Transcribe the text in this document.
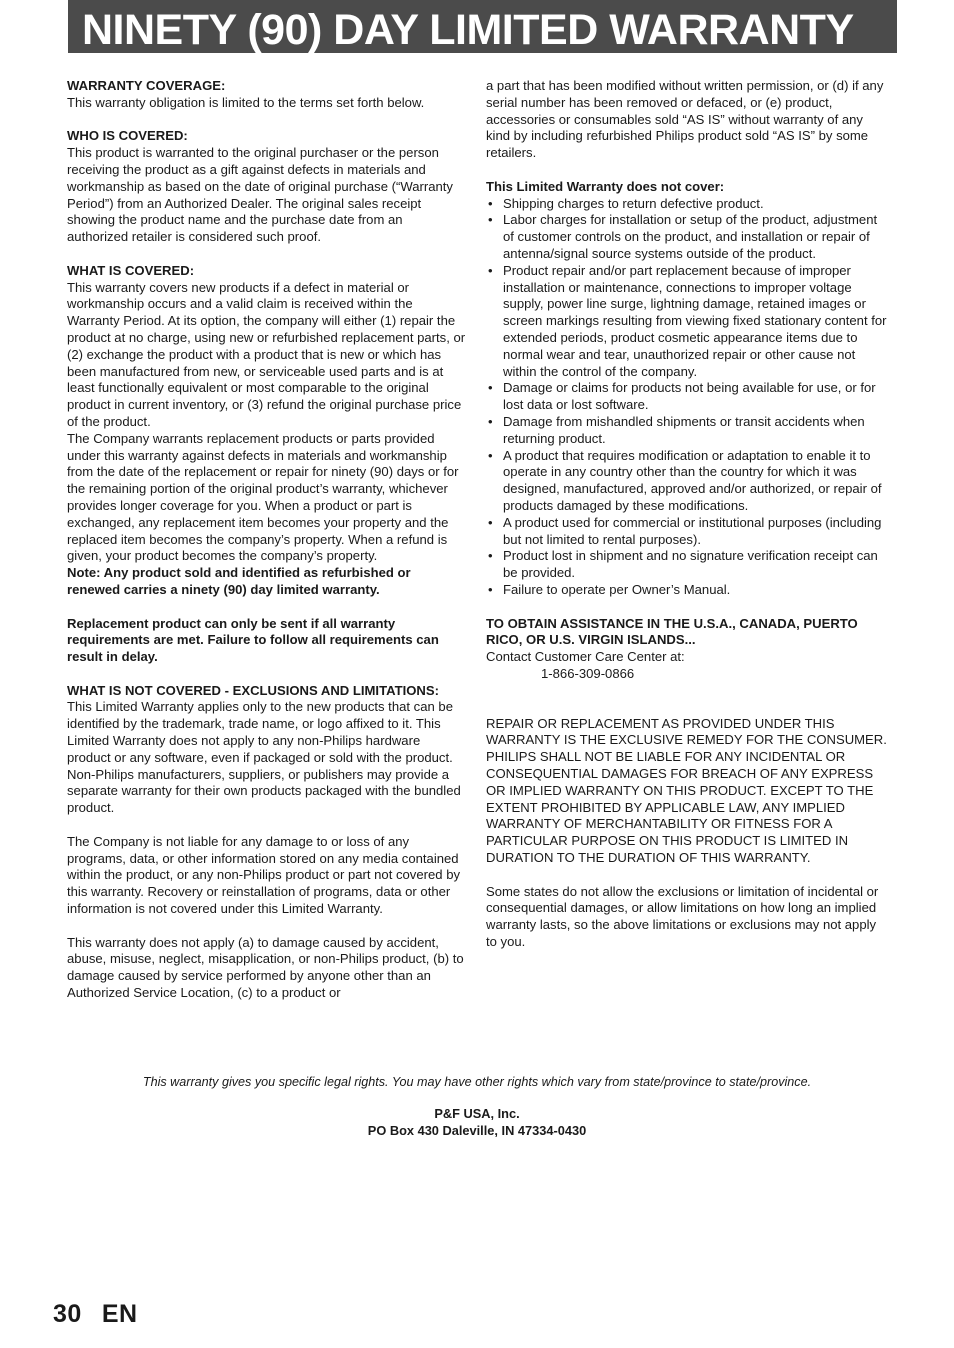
NINETY (90) DAY LIMITED WARRANTY

WARRANTY COVERAGE:
This warranty obligation is limited to the terms set forth below.

WHO IS COVERED:
This product is warranted to the original purchaser or the person receiving the product as a gift against defects in materials and workmanship as based on the date of original purchase (“Warranty Period”) from an Authorized Dealer. The original sales receipt showing the product name and the purchase date from an authorized retailer is considered such proof.

WHAT IS COVERED:
This warranty covers new products if a defect in material or workmanship occurs and a valid claim is received within the Warranty Period. At its option, the company will either (1) repair the product at no charge, using new or refurbished replacement parts, or (2) exchange the product with a product that is new or which has been manufactured from new, or serviceable used parts and is at least functionally equivalent or most comparable to the original product in current inventory, or (3) refund the original purchase price of the product.

The Company warrants replacement products or parts provided under this warranty against defects in materials and workmanship from the date of the replacement or repair for ninety (90) days or for the remaining portion of the original product’s warranty, whichever provides longer coverage for you. When a product or part is exchanged, any replacement item becomes your property and the replaced item becomes the company’s property. When a refund is given, your product becomes the company’s property.

Note: Any product sold and identified as refurbished or renewed carries a ninety (90) day limited warranty.

Replacement product can only be sent if all warranty requirements are met. Failure to follow all requirements can result in delay.

WHAT IS NOT COVERED - EXCLUSIONS AND LIMITATIONS:
This Limited Warranty applies only to the new products that can be identified by the trademark, trade name, or logo affixed to it. This Limited Warranty does not apply to any non-Philips hardware product or any software, even if packaged or sold with the product. Non-Philips manufacturers, suppliers, or publishers may provide a separate warranty for their own products packaged with the bundled product.

The Company is not liable for any damage to or loss of any programs, data, or other information stored on any media contained within the product, or any non-Philips product or part not covered by this warranty. Recovery or reinstallation of programs, data or other information is not covered under this Limited Warranty.

This warranty does not apply (a) to damage caused by accident, abuse, misuse, neglect, misapplication, or non-Philips product, (b) to damage caused by service performed by anyone other than an Authorized Service Location, (c) to a product or

a part that has been modified without written permission, or (d) if any serial number has been removed or defaced, or (e) product, accessories or consumables sold “AS IS” without warranty of any kind by including refurbished Philips product sold “AS IS” by some retailers.

This Limited Warranty does not cover:
• Shipping charges to return defective product.
• Labor charges for installation or setup of the product, adjustment of customer controls on the product, and installation or repair of antenna/signal source systems outside of the product.
• Product repair and/or part replacement because of improper installation or maintenance, connections to improper voltage supply, power line surge, lightning damage, retained images or screen markings resulting from viewing fixed stationary content for extended periods, product cosmetic appearance items due to normal wear and tear, unauthorized repair or other cause not within the control of the company.
• Damage or claims for products not being available for use, or for lost data or lost software.
• Damage from mishandled shipments or transit accidents when returning product.
• A product that requires modification or adaptation to enable it to operate in any country other than the country for which it was designed, manufactured, approved and/or authorized, or repair of products damaged by these modifications.
• A product used for commercial or institutional purposes (including but not limited to rental purposes).
• Product lost in shipment and no signature verification receipt can be provided.
• Failure to operate per Owner’s Manual.

TO OBTAIN ASSISTANCE IN THE U.S.A., CANADA, PUERTO RICO, OR U.S. VIRGIN ISLANDS...
Contact Customer Care Center at:
1-866-309-0866

REPAIR OR REPLACEMENT AS PROVIDED UNDER THIS WARRANTY IS THE EXCLUSIVE REMEDY FOR THE CONSUMER. PHILIPS SHALL NOT BE LIABLE FOR ANY INCIDENTAL OR CONSEQUENTIAL DAMAGES FOR BREACH OF ANY EXPRESS OR IMPLIED WARRANTY ON THIS PRODUCT. EXCEPT TO THE EXTENT PROHIBITED BY APPLICABLE LAW, ANY IMPLIED WARRANTY OF MERCHANTABILITY OR FITNESS FOR A PARTICULAR PURPOSE ON THIS PRODUCT IS LIMITED IN DURATION TO THE DURATION OF THIS WARRANTY.

Some states do not allow the exclusions or limitation of incidental or consequential damages, or allow limitations on how long an implied warranty lasts, so the above limitations or exclusions may not apply to you.

This warranty gives you specific legal rights. You may have other rights which vary from state/province to state/province.
P&F USA, Inc.
PO Box 430 Daleville, IN 47334-0430
30 EN
